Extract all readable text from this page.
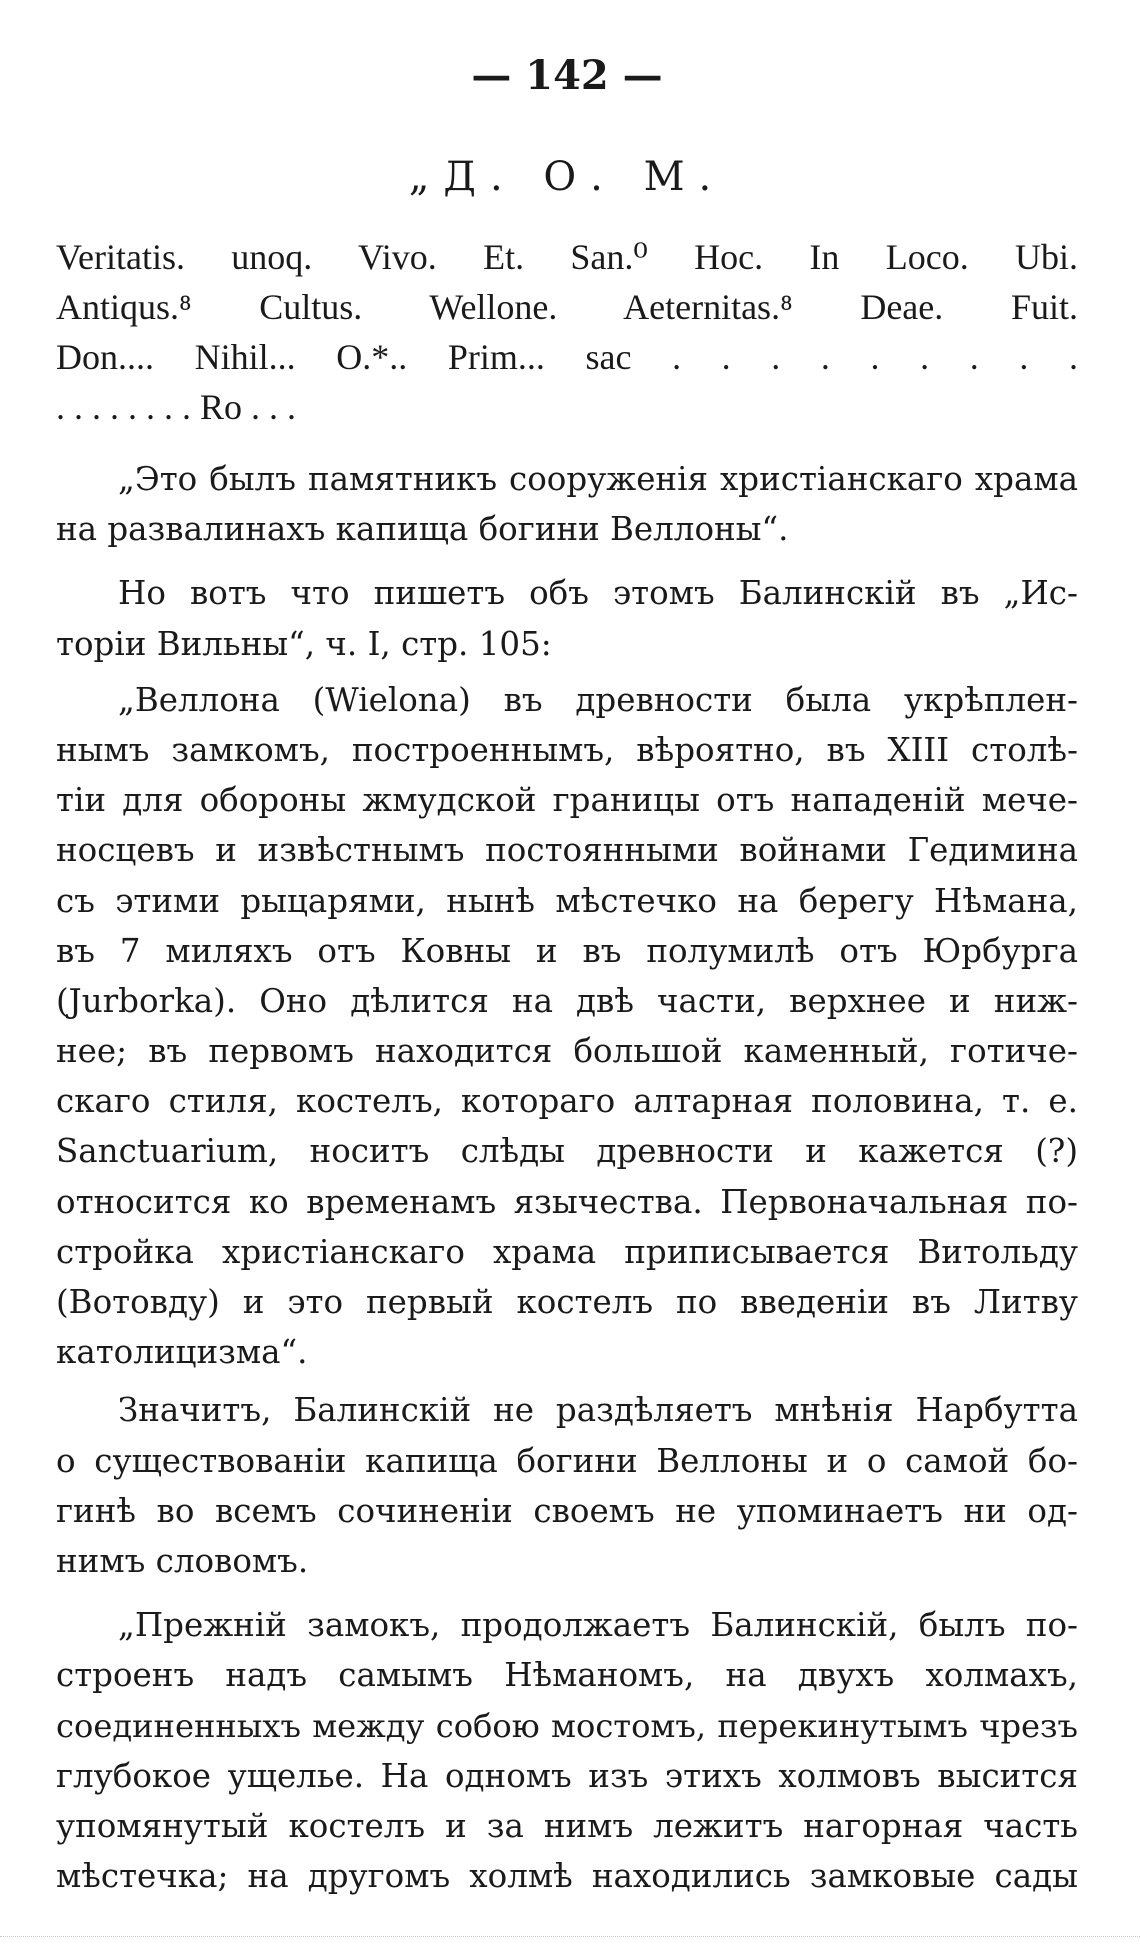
— 142 —
„Д. О. М.
Veritatis. unoq. Vivo. Et. San.⁰ Hoc. In Loco. Ubi.
Antiqus.⁸ Cultus. Wellone. Aeternitas.⁸ Deae. Fuit.
Don.... Nihil... O.*.. Prim... sac . . . . . . . . .
. . . . . . . . Ro . . .
„Это былъ памятникъ сооруженія христіанскаго храма
на развалинахъ капища богини Веллоны“.
Но вотъ что пишетъ объ этомъ Балинскій въ „Ис-
торіи Вильны“, ч. I, стр. 105:
„Веллона (Wielona) въ древности была укрѣплен-
нымъ замкомъ, построеннымъ, вѣроятно, въ XIII столѣ-
тіи для обороны жмудской границы отъ нападеній мече-
носцевъ и извѣстнымъ постоянными войнами Гедимина
съ этими рыцарями, нынѣ мѣстечко на берегу Нѣмана,
въ 7 миляхъ отъ Ковны и въ полумилѣ отъ Юрбурга
(Jurborka). Оно дѣлится на двѣ части, верхнее и ниж-
нее; въ первомъ находится большой каменный, готиче-
скаго стиля, костелъ, котораго алтарная половина, т. е.
Sanctuarium, носитъ слѣды древности и кажется (?)
относится ко временамъ язычества. Первоначальная по-
стройка христіанскаго храма приписывается Витольду
(Вотовду) и это первый костелъ по введеніи въ Литву
католицизма“.
Значитъ, Балинскій не раздѣляетъ мнѣнія Нарбутта
о существованіи капища богини Веллоны и о самой бо-
гинѣ во всемъ сочиненіи своемъ не упоминаетъ ни од-
нимъ словомъ.
„Прежній замокъ, продолжаетъ Балинскій, былъ по-
строенъ надъ самымъ Нѣманомъ, на двухъ холмахъ,
соединенныхъ между собою мостомъ, перекинутымъ чрезъ
глубокое ущелье. На одномъ изъ этихъ холмовъ высится
упомянутый костелъ и за нимъ лежитъ нагорная часть
мѣстечка; на другомъ холмѣ находились замковые сады
